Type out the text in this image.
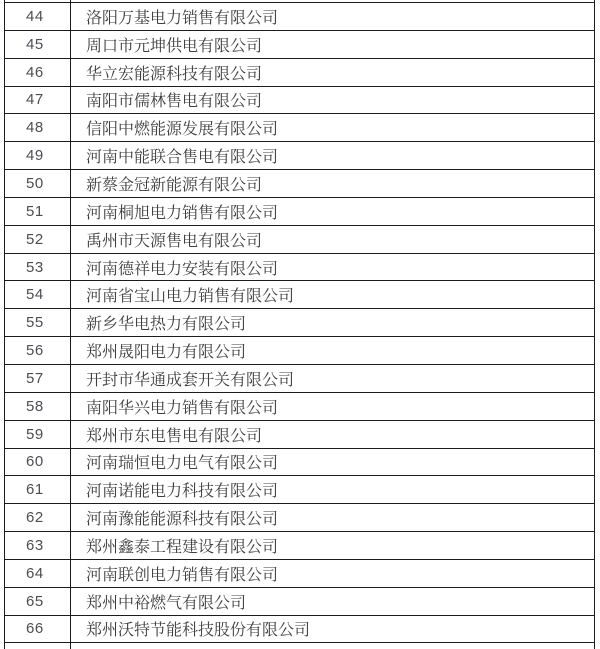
44	洛阳万基电力销售有限公司
45	周口市元坤供电有限公司
46	华立宏能源科技有限公司
47	南阳市儒林售电有限公司
48	信阳中燃能源发展有限公司
49	河南中能联合售电有限公司
50	新蔡金冠新能源有限公司
51	河南桐旭电力销售有限公司
52	禹州市天源售电有限公司
53	河南德祥电力安装有限公司
54	河南省宝山电力销售有限公司
55	新乡华电热力有限公司
56	郑州晟阳电力有限公司
57	开封市华通成套开关有限公司
58	南阳华兴电力销售有限公司
59	郑州市东电售电有限公司
60	河南瑞恒电力电气有限公司
61	河南诺能电力科技有限公司
62	河南豫能能源科技有限公司
63	郑州鑫泰工程建设有限公司
64	河南联创电力销售有限公司
65	郑州中裕燃气有限公司
66	郑州沃特节能科技股份有限公司
